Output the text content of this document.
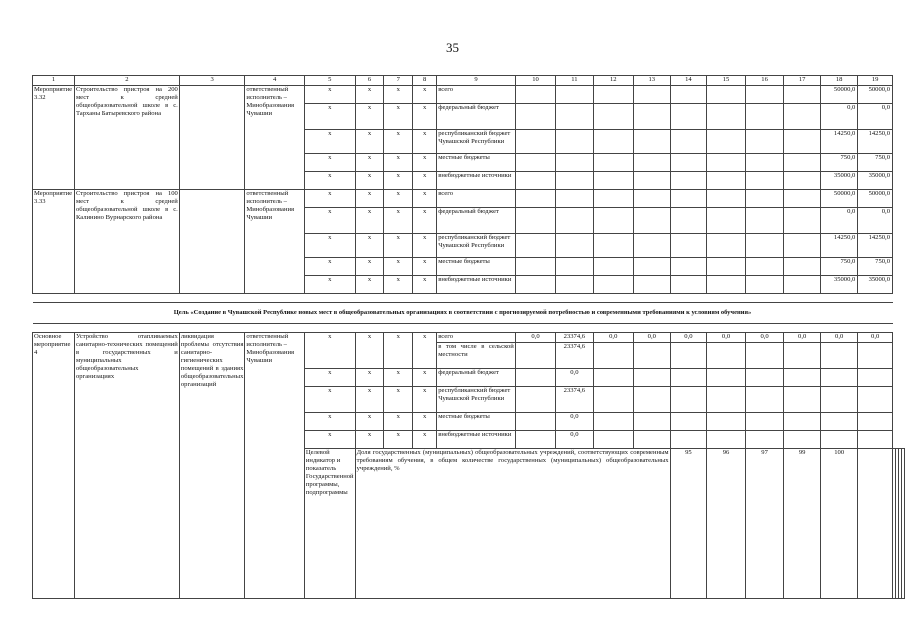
35
1	2	3	4	5	6	7	8	9	10	11	12	13	14	15	16	17	18	19				
Мероприятие 3.32	Строительство пристроя на 200 мест к средней общеобразовательной школе в с. Тарханы Батыревского района		ответственный исполнитель – Минобразования Чувашии	x	x	x	x	всего									50000,0	50000,0				
				x	x	x	x	федеральный бюджет									0,0	0,0				
				x	x	x	x	республиканский бюджет Чувашской Республики									14250,0	14250,0				
				x	x	x	x	местные бюджеты									750,0	750,0				
				x	x	x	x	внебюджетные источники									35000,0	35000,0				
Мероприятие 3.33	Строительство пристроя на 100 мест к средней общеобразовательной школе в с. Калинино Вурнарского района		ответственный исполнитель – Минобразования Чувашии	x	x	x	x	всего									50000,0	50000,0				
				x	x	x	x	федеральный бюджет									0,0	0,0				
				x	x	x	x	республиканский бюджет Чувашской Республики									14250,0	14250,0				
				x	x	x	x	местные бюджеты									750,0	750,0				
				x	x	x	x	внебюджетные источники									35000,0	35000,0				

Цель «Создание в Чувашской Республике новых мест в общеобразовательных организациях в соответствии с прогнозируемой потребностью и современными требованиями к условиям обучения»																						

Основное мероприятие 4	Устройство отапливаемых санитарно-технических помещений в государственных и муниципальных общеобразовательных организациях	ликвидация проблемы отсутствия санитарно-гигиенических помещений в зданиях общеобразовательных организаций	ответственный исполнитель – Минобразования Чувашии	x	x	x	x	всего	0,0	23374,6	0,0	0,0	0,0	0,0	0,0	0,0	0,0	0,0				
								в том числе в сельской местности		23374,6												
				x	x	x	x	федеральный бюджет		0,0												
				x	x	x	x	республиканский бюджет Чувашской Республики		23374,6												
				x	x	x	x	местные бюджеты		0,0												
				x	x	x	x	внебюджетные источники		0,0												
				Целевой индикатор и показатель Государственной программы, подпрограммы	Доля государственных (муниципальных) общеобразовательных учреждений, соответствующих современным требованиям обучения, в общем количестве государственных (муниципальных) общеобразовательных учреждений, %								95	96	97	99	100					
